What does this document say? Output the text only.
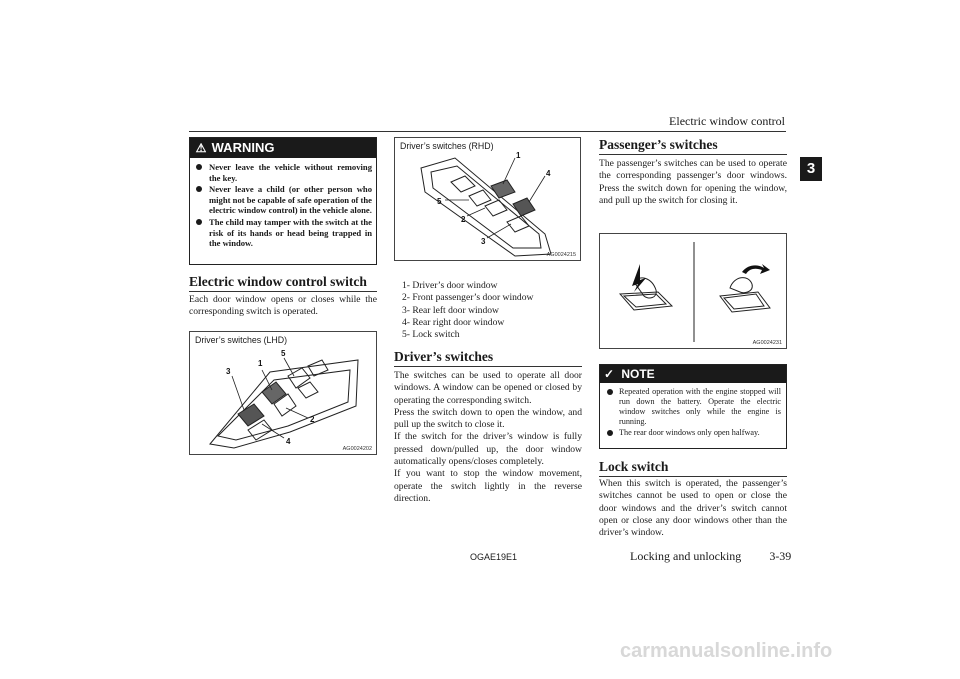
Electric window control
3
⚠ WARNING
Never leave the vehicle without removing the key.
Never leave a child (or other person who might not be capable of safe operation of the electric window control) in the vehicle alone.
The child may tamper with the switch at the risk of its hands or head being trapped in the window.
Electric window control switch
Each door window opens or closes while the corresponding switch is operated.
Driver’s switches (LHD)
1
2
3
4
5
AG0024202
Driver’s switches (RHD)
1
2
3
4
5
AG0024215
1- Driver’s door window
2- Front passenger’s door window
3- Rear left door window
4- Rear right door window
5- Lock switch
Driver’s switches
The switches can be used to operate all door windows. A window can be opened or closed by operating the corresponding switch.
Press the switch down to open the window, and pull up the switch to close it.
If the switch for the driver’s window is fully pressed down/pulled up, the door window automatically opens/closes completely.
If you want to stop the window movement, operate the switch lightly in the reverse direction.
Passenger’s switches
The passenger’s switches can be used to operate the corresponding passenger’s door windows. Press the switch down for opening the window, and pull up the switch for closing it.
AG0024231
✓ NOTE
Repeated operation with the engine stopped will run down the battery. Operate the electric window switches only while the engine is running.
The rear door windows only open halfway.
Lock switch
When this switch is operated, the passenger’s switches cannot be used to open or close the door windows and the driver’s switch cannot open or close any door windows other than the driver’s window.
OGAE19E1	Locking and unlocking 3-39
carmanualsonline.info
